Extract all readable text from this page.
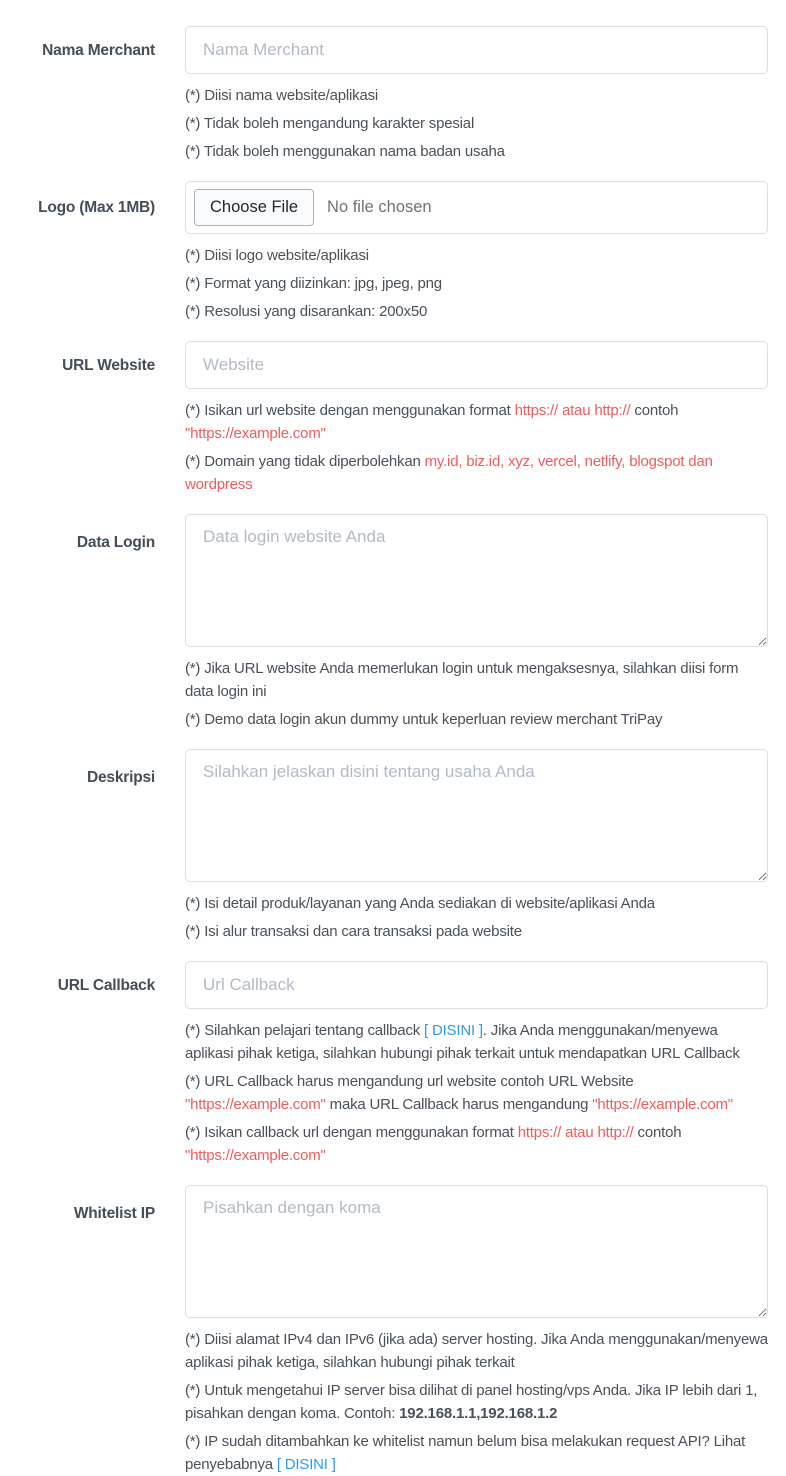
Nama Merchant
Nama Merchant

(*) Diisi nama website/aplikasi

(*) Tidak boleh mengandung karakter spesial

(*) Tidak boleh menggunakan nama badan usaha

Logo (Max 1MB)	Choose File	No file chosen

(*) Diisi logo website/aplikasi

(*) Format yang diizinkan: jpg, jpeg, png

(*) Resolusi yang disarankan: 200x50

URL Website
Website

(*) Isikan url website dengan menggunakan format https:// atau http:// contoh "https://example.com"

(*) Domain yang tidak diperbolehkan my.id, biz.id, xyz, vercel, netlify, blogspot dan wordpress

Data Login
Data login website Anda

(*) Jika URL website Anda memerlukan login untuk mengaksesnya, silahkan diisi form data login ini

(*) Demo data login akun dummy untuk keperluan review merchant TriPay

Deskripsi
Silahkan jelaskan disini tentang usaha Anda

(*) Isi detail produk/layanan yang Anda sediakan di website/aplikasi Anda

(*) Isi alur transaksi dan cara transaksi pada website

URL Callback
Url Callback

(*) Silahkan pelajari tentang callback [ DISINI ]. Jika Anda menggunakan/menyewa aplikasi pihak ketiga, silahkan hubungi pihak terkait untuk mendapatkan URL Callback

(*) URL Callback harus mengandung url website contoh URL Website "https://example.com" maka URL Callback harus mengandung "https://example.com"

(*) Isikan callback url dengan menggunakan format https:// atau http:// contoh "https://example.com"

Whitelist IP
Pisahkan dengan koma

(*) Diisi alamat IPv4 dan IPv6 (jika ada) server hosting. Jika Anda menggunakan/menyewa aplikasi pihak ketiga, silahkan hubungi pihak terkait

(*) Untuk mengetahui IP server bisa dilihat di panel hosting/vps Anda. Jika IP lebih dari 1, pisahkan dengan koma. Contoh: 192.168.1.1,192.168.1.2

(*) IP sudah ditambahkan ke whitelist namun belum bisa melakukan request API? Lihat penyebabnya [ DISINI ]
